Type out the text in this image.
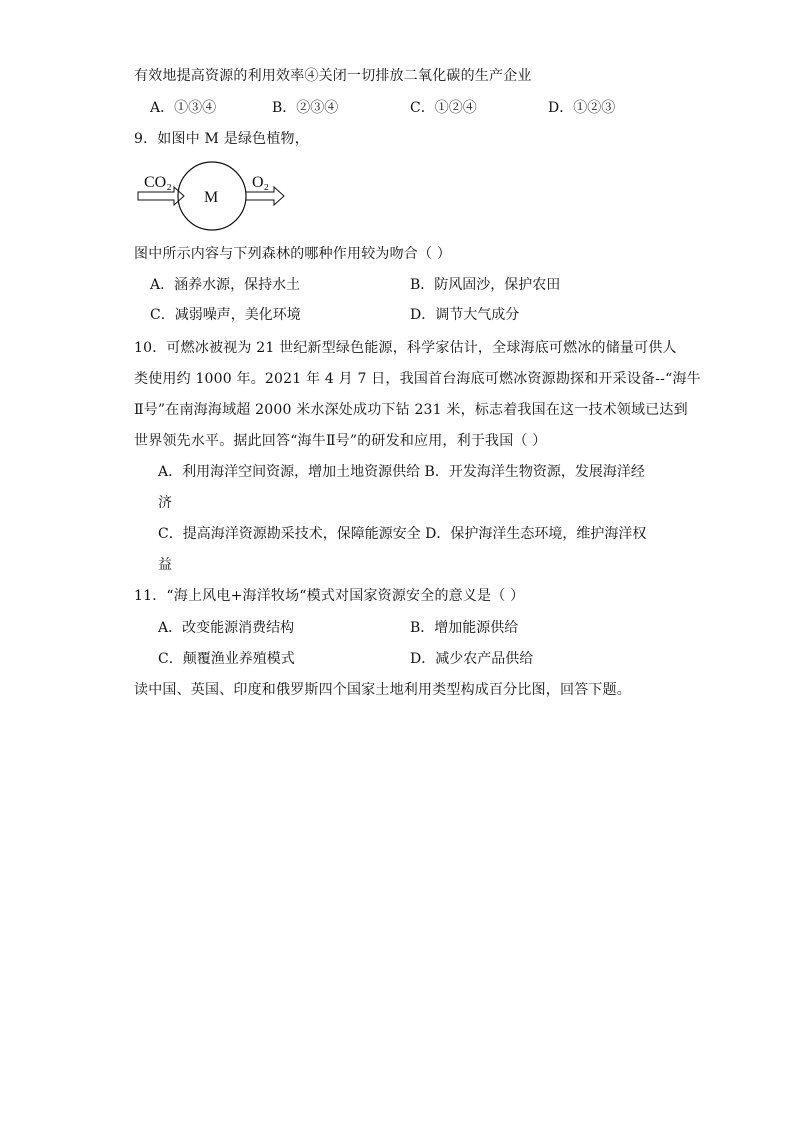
有效地提高资源的利用效率④关闭一切排放二氧化碳的生产企业
A．①③④	B．②③④	C．①②④	D．①②③
9．如图中 M 是绿色植物，
CO₂
M
O₂
图中所示内容与下列森林的哪种作用较为吻合（ ）
A．涵养水源，保持水土	B．防风固沙，保护农田
C．减弱噪声，美化环境	D．调节大气成分
10．可燃冰被视为 21 世纪新型绿色能源，科学家估计，全球海底可燃冰的储量可供人
类使用约 1000 年。2021 年 4 月 7 日，我国首台海底可燃冰资源勘探和开采设备--“海牛
Ⅱ号”在南海海域超 2000 米水深处成功下钻 231 米，标志着我国在这一技术领域已达到
世界领先水平。据此回答“海牛Ⅱ号”的研发和应用，利于我国（ ）
A．利用海洋空间资源，增加土地资源供给 B．开发海洋生物资源，发展海洋经
济
C．提高海洋资源勘采技术，保障能源安全 D．保护海洋生态环境，维护海洋权
益
11．“海上风电+海洋牧场“模式对国家资源安全的意义是（ ）
A．改变能源消费结构	B．增加能源供给
C．颠覆渔业养殖模式	D．减少农产品供给
读中国、英国、印度和俄罗斯四个国家土地利用类型构成百分比图，回答下题。
